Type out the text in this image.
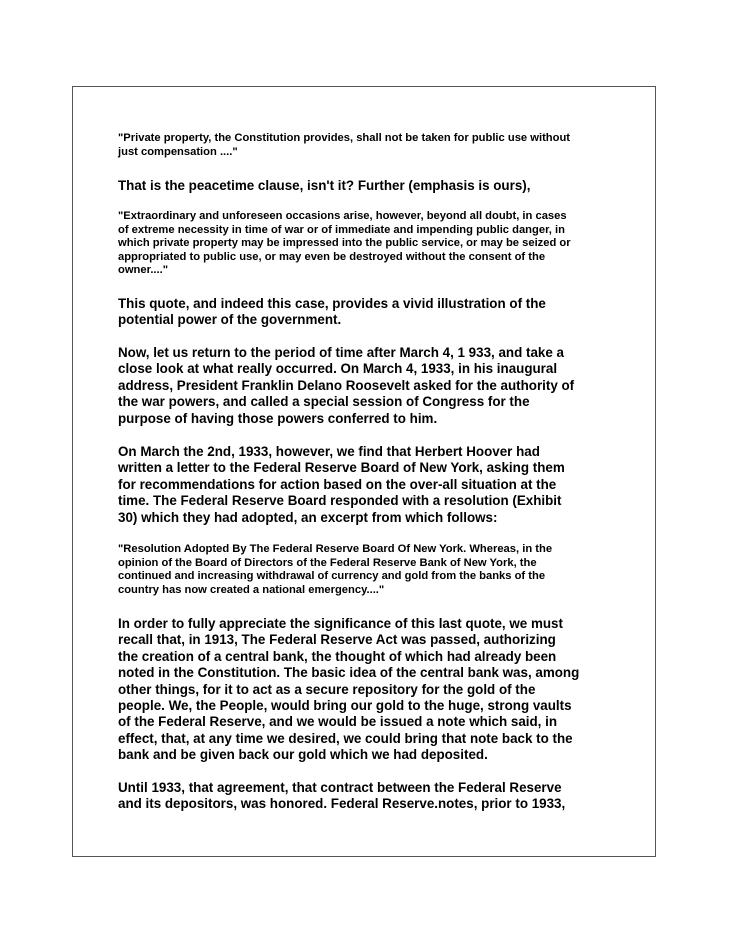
"Private property, the Constitution provides, shall not be taken for public use without
just compensation ...."
That is the peacetime clause, isn't it? Further (emphasis is ours),
"Extraordinary and unforeseen occasions arise, however, beyond all doubt, in cases
of extreme necessity in time of war or of immediate and impending public danger, in
which private property may be impressed into the public service, or may be seized or
appropriated to public use, or may even be destroyed without the consent of the
owner...."
This quote, and indeed this case, provides a vivid illustration of the
potential power of the government.
Now, let us return to the period of time after March 4, 1 933, and take a
close look at what really occurred. On March 4, 1933, in his inaugural
address, President Franklin Delano Roosevelt asked for the authority of
the war powers, and called a special session of Congress for the
purpose of having those powers conferred to him.
On March the 2nd, 1933, however, we find that Herbert Hoover had
written a letter to the Federal Reserve Board of New York, asking them
for recommendations for action based on the over-all situation at the
time. The Federal Reserve Board responded with a resolution (Exhibit
30) which they had adopted, an excerpt from which follows:
"Resolution Adopted By The Federal Reserve Board Of New York. Whereas, in the
opinion of the Board of Directors of the Federal Reserve Bank of New York, the
continued and increasing withdrawal of currency and gold from the banks of the
country has now created a national emergency...."
In order to fully appreciate the significance of this last quote, we must
recall that, in 1913, The Federal Reserve Act was passed, authorizing
the creation of a central bank, the thought of which had already been
noted in the Constitution. The basic idea of the central bank was, among
other things, for it to act as a secure repository for the gold of the
people. We, the People, would bring our gold to the huge, strong vaults
of the Federal Reserve, and we would be issued a note which said, in
effect, that, at any time we desired, we could bring that note back to the
bank and be given back our gold which we had deposited.
Until 1933, that agreement, that contract between the Federal Reserve
and its depositors, was honored. Federal Reserve.notes, prior to 1933,
